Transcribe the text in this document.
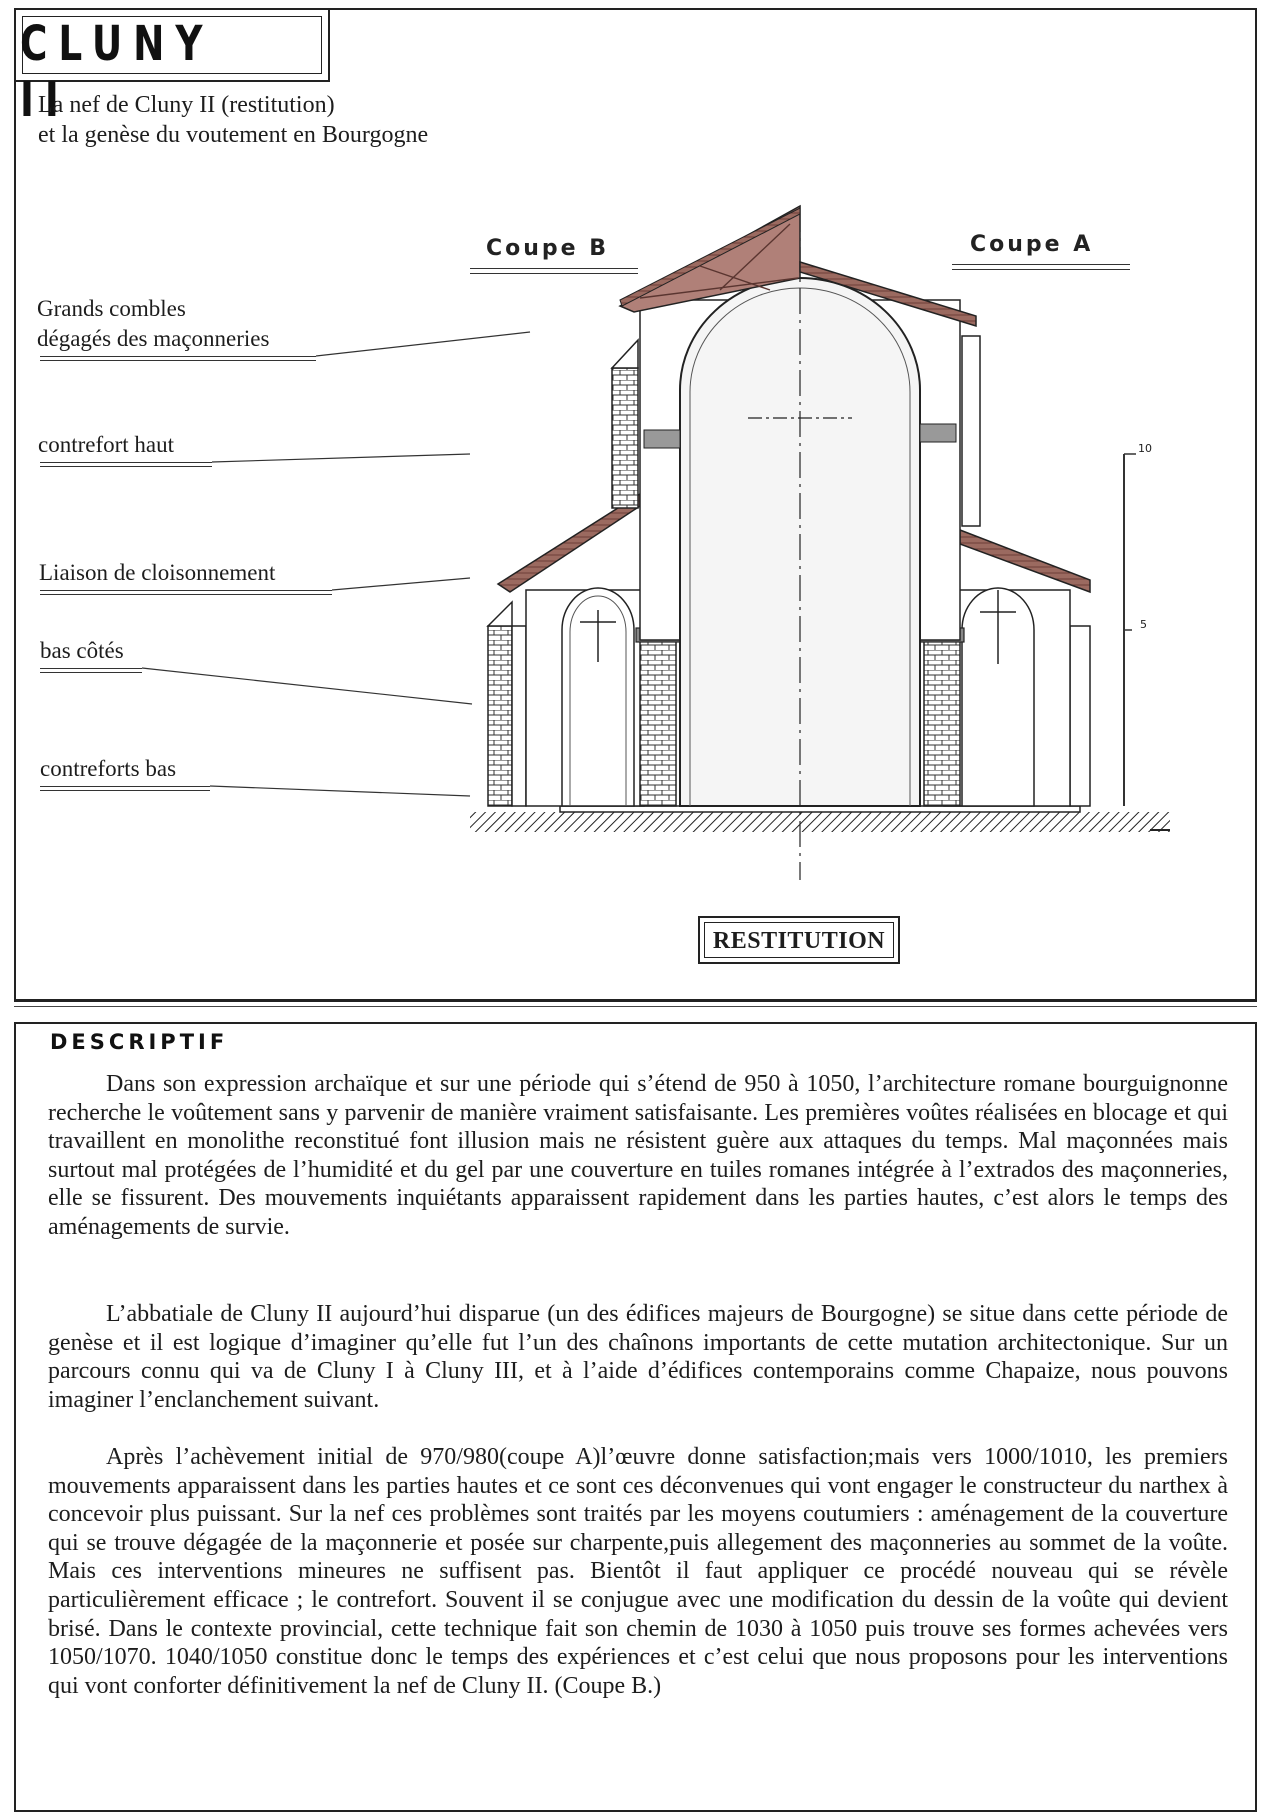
CLUNY II
La nef de Cluny II (restitution)
et la genèse du voutement en Bourgogne
Grands combles
dégagés des maçonneries
contrefort haut
Liaison de cloisonnement
bas côtés
contreforts bas
Coupe B	Coupe A
10
5
RESTITUTION
DESCRIPTIF
Dans son expression archaïque et sur une période qui s’étend de 950 à 1050, l’architecture romane bourguignonne recherche le voûtement sans y parvenir de manière vraiment satisfaisante. Les premières voûtes réalisées en blocage et qui travaillent en monolithe reconstitué font illusion mais ne résistent guère aux attaques du temps. Mal maçonnées mais surtout mal protégées de l’humidité et du gel par une couverture en tuiles romanes intégrée à l’extrados des maçonneries, elle se fissurent. Des mouvements inquiétants apparaissent rapidement dans les parties hautes, c’est alors le temps des aménagements de survie.
L’abbatiale de Cluny II aujourd’hui disparue (un des édifices majeurs de Bourgogne) se situe dans cette période de genèse et il est logique d’imaginer qu’elle fut l’un des chaînons importants de cette mutation architectonique. Sur un parcours connu qui va de Cluny I à Cluny III, et à l’aide d’édifices contemporains comme Chapaize, nous pouvons imaginer l’enclanchement suivant.
Après l’achèvement initial de 970/980(coupe A)l’œuvre donne satisfaction;mais vers 1000/1010, les premiers mouvements apparaissent dans les parties hautes et ce sont ces déconvenues qui vont engager le constructeur du narthex à concevoir plus puissant. Sur la nef ces problèmes sont traités par les moyens coutumiers : aménagement de la couverture qui se trouve dégagée de la maçonnerie et posée sur charpente,puis allegement des maçonneries au sommet de la voûte. Mais ces interventions mineures ne suffisent pas. Bientôt il faut appliquer ce procédé nouveau qui se révèle particulièrement efficace ; le contrefort. Souvent il se conjugue avec une modification du dessin de la voûte qui devient brisé. Dans le contexte provincial, cette technique fait son chemin de 1030 à 1050 puis trouve ses formes achevées vers 1050/1070. 1040/1050 constitue donc le temps des expériences et c’est celui que nous proposons pour les interventions qui vont conforter définitivement la nef de Cluny II. (Coupe B.)
